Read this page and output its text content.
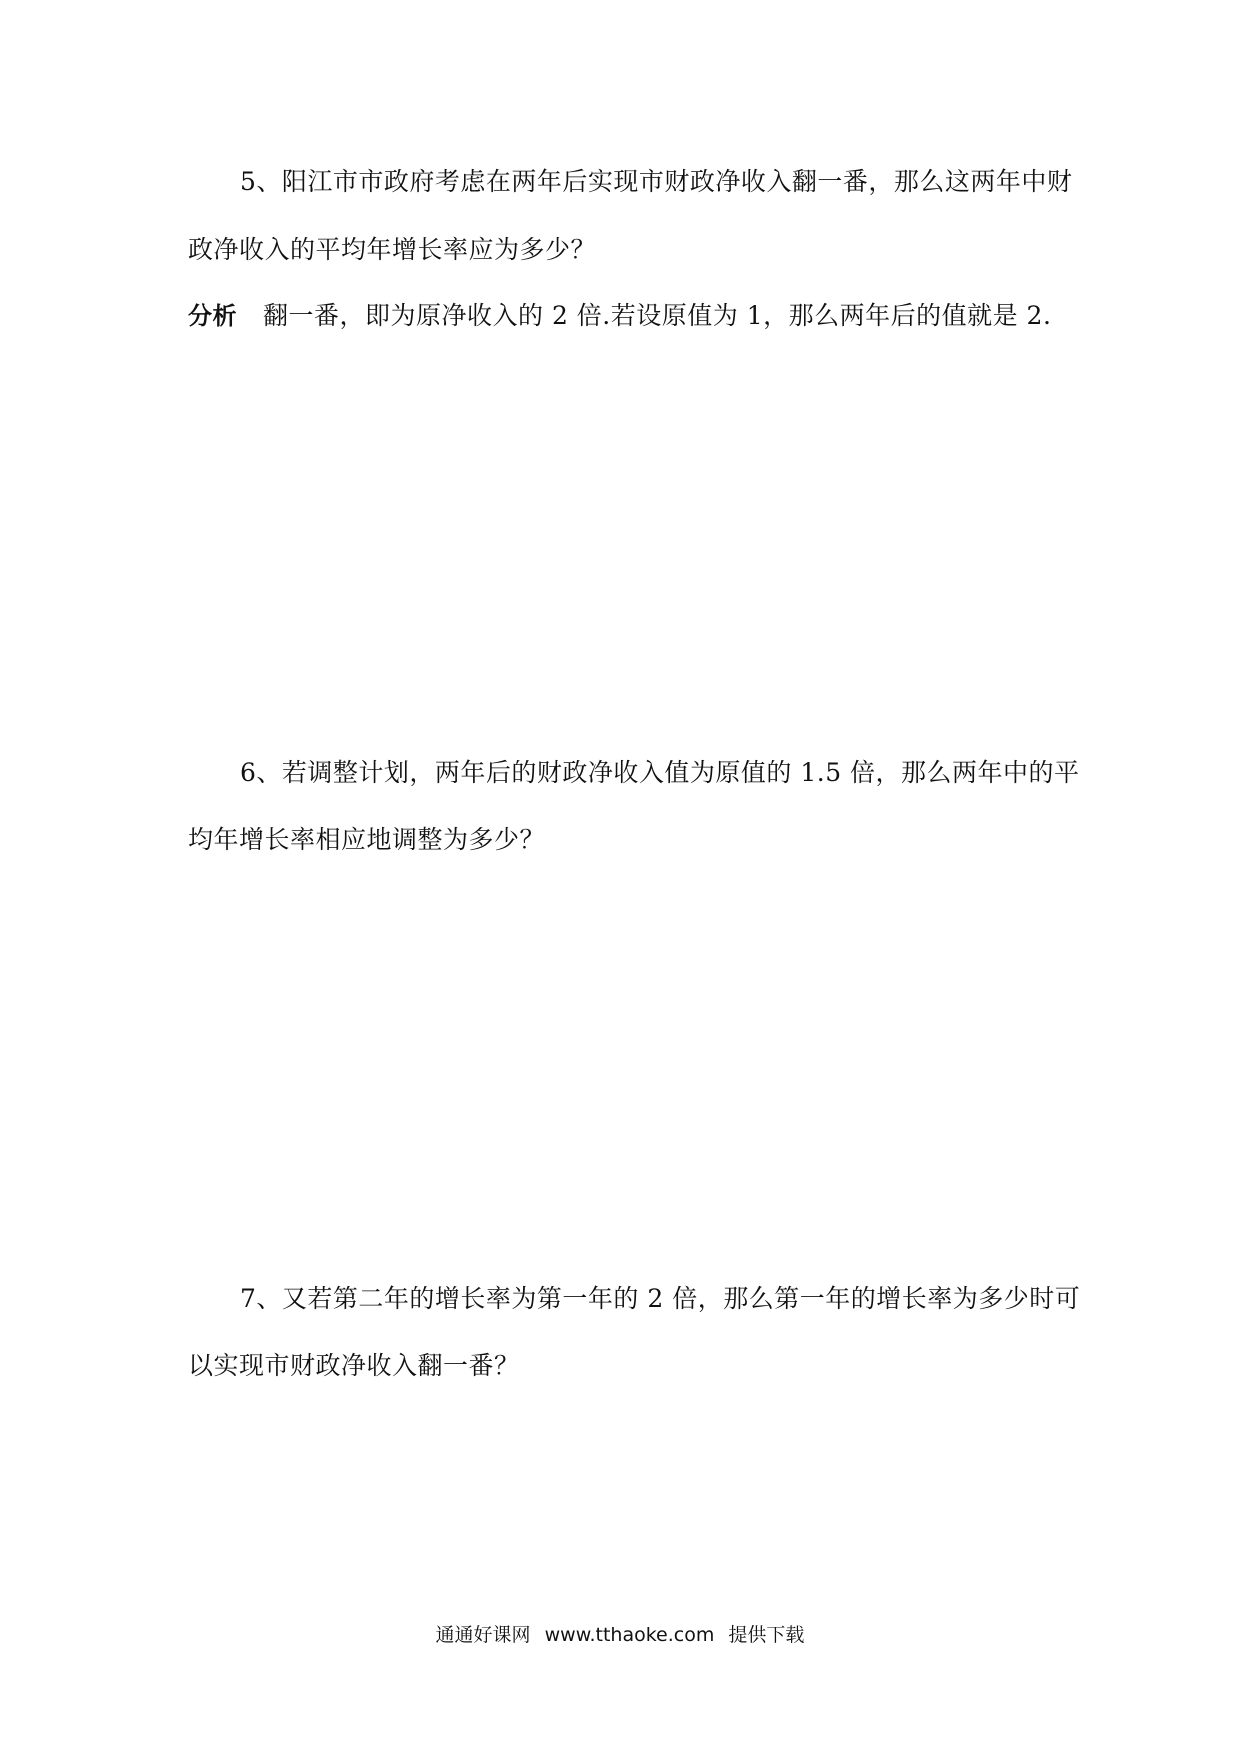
5、阳江市市政府考虑在两年后实现市财政净收入翻一番，那么这两年中财
政净收入的平均年增长率应为多少？
分析 翻一番，即为原净收入的 2 倍.若设原值为 1，那么两年后的值就是 2.
6、若调整计划，两年后的财政净收入值为原值的 1.5 倍，那么两年中的平
均年增长率相应地调整为多少？
7、又若第二年的增长率为第一年的 2 倍，那么第一年的增长率为多少时可
以实现市财政净收入翻一番？
通通好课网 www.tthaoke.com 提供下载
